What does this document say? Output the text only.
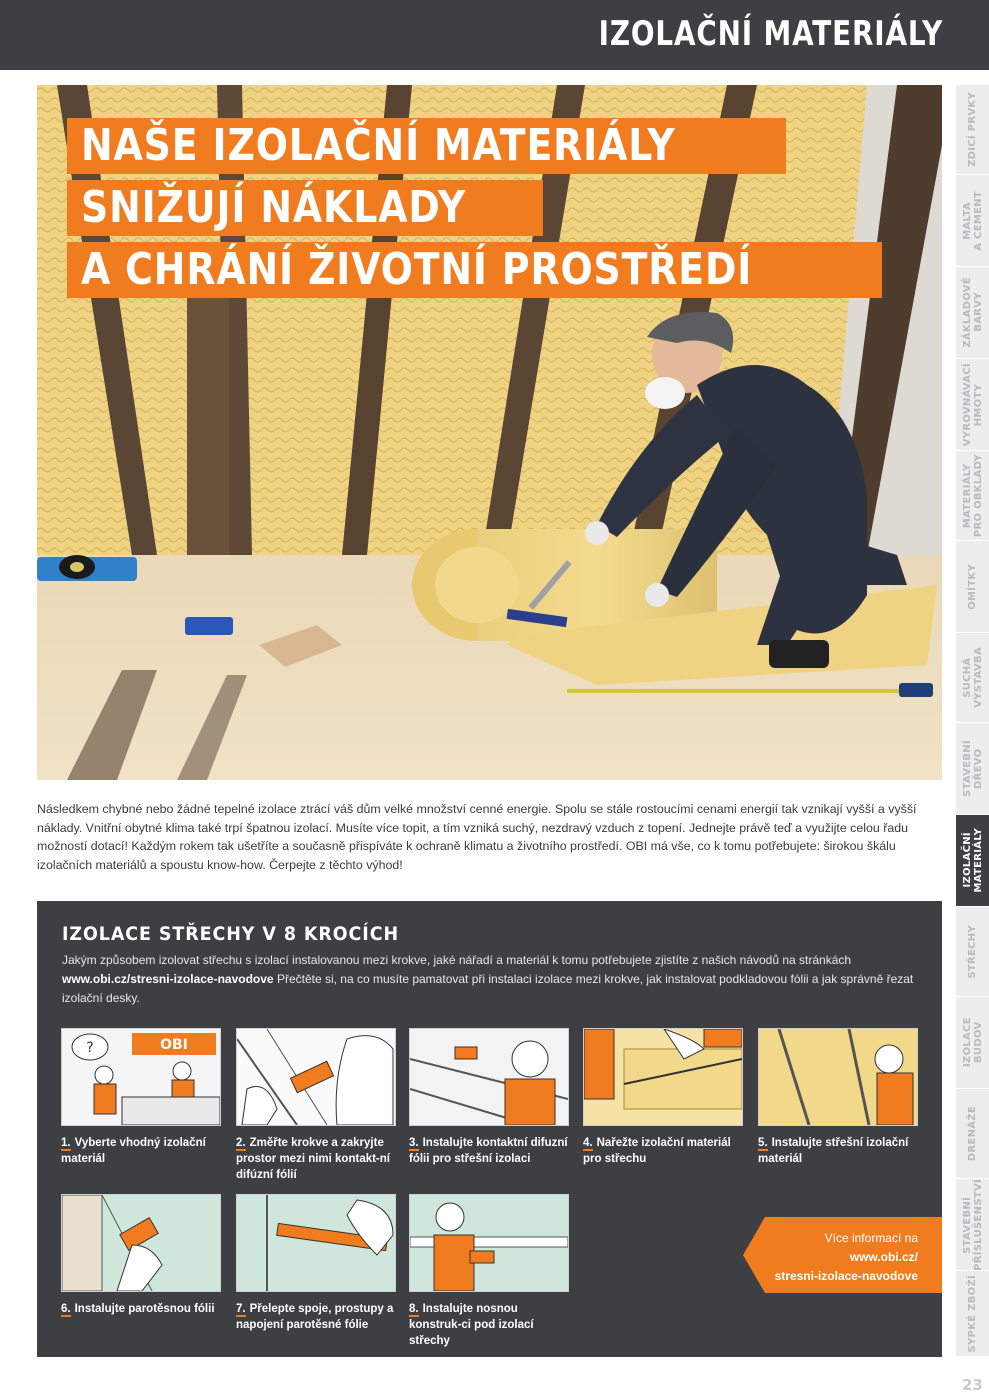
IZOLAČNÍ MATERIÁLY
NAŠE IZOLAČNÍ MATERIÁLY
SNIŽUJÍ NÁKLADY
A CHRÁNÍ ŽIVOTNÍ PROSTŘEDÍ
ZDICÍ PRVKY
MALTA
A CEMENT
ZÁKLADOVÉ
BARVY
VYROVNÁVACÍ
HMOTY
MATERIÁLY
PRO OBKLADY
OMÍTKY
SUCHÁ
VÝSTAVBA
STAVEBNÍ
DŘEVO
IZOLAČNÍ
MATERIÁLY
STŘECHY
IZOLACE BUDOV
DRENÁŽE
STAVEBNÍ
PŘÍSLUŠENSTVÍ
SYPKÉ ZBOŽÍ
Následkem chybné nebo žádné tepelné izolace ztrácí váš dům velké množství cenné energie. Spolu se stále rostoucími cenami energií tak vznikají vyšší a vyšší náklady. Vnitřní obytné klima také trpí špatnou izolací. Musíte více topit, a tím vzniká suchý, nezdravý vzduch z topení. Jednejte právě teď a využijte celou řadu možností dotací! Každým rokem tak ušetříte a současně přispíváte k ochraně klimatu a životního prostředí. OBI má vše, co k tomu potřebujete: širokou škálu izolačních materiálů a spoustu know-how. Čerpejte z těchto výhod!
IZOLACE STŘECHY V 8 KROCÍCH
Jakým způsobem izolovat střechu s izolací instalovanou mezi krokve, jaké nářadí a materiál k tomu potřebujete zjistíte z našich návodů na stránkách www.obi.cz/stresni-izolace-navodove Přečtěte si, na co musíte pamatovat při instalaci izolace mezi krokve, jak instalovat podkladovou fólii a jak správně řezat izolační desky.
OBI
?
1. Vyberte vhodný izolační materiál
2. Změřte krokve a zakryjte prostor mezi nimi kontakt-ní difúzní fólií
3. Instalujte kontaktní difuzní fólii pro střešní izolaci
4. Nařežte izolační materiál pro střechu
5. Instalujte střešní izolační materiál
6. Instalujte parotěsnou fólii	7. Přelepte spoje, prostupy a napojení parotěsné fólie
8. Instalujte nosnou konstruk-ci pod izolací střechy
Více informací na
www.obi.cz/
stresni-izolace-navodove
23
